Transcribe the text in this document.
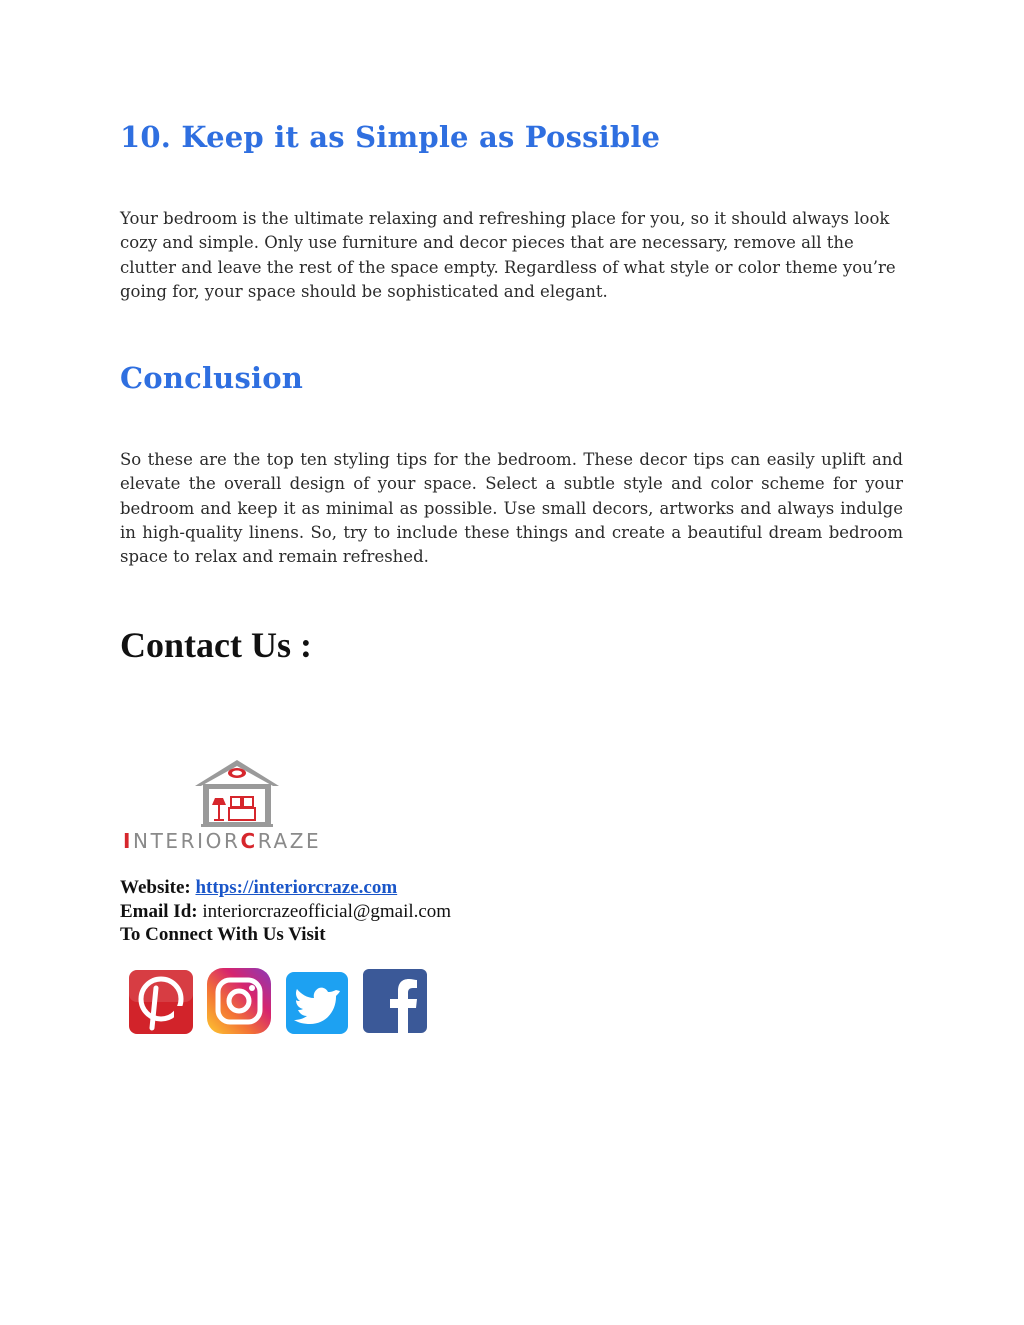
10. Keep it as Simple as Possible

Your bedroom is the ultimate relaxing and refreshing place for you, so it should always look cozy and simple. Only use furniture and decor pieces that are necessary, remove all the clutter and leave the rest of the space empty. Regardless of what style or color theme you’re going for, your space should be sophisticated and elegant.

Conclusion

So these are the top ten styling tips for the bedroom. These decor tips can easily uplift and elevate the overall design of your space. Select a subtle style and color scheme for your bedroom and keep it as minimal as possible. Use small decors, artworks and always indulge in high-quality linens. So, try to include these things and create a beautiful dream bedroom space to relax and remain refreshed.

Contact Us :
INTERIORCRAZE
Website: https://interiorcraze.com
Email Id: interiorcrazeofficial@gmail.com
To Connect With Us Visit
